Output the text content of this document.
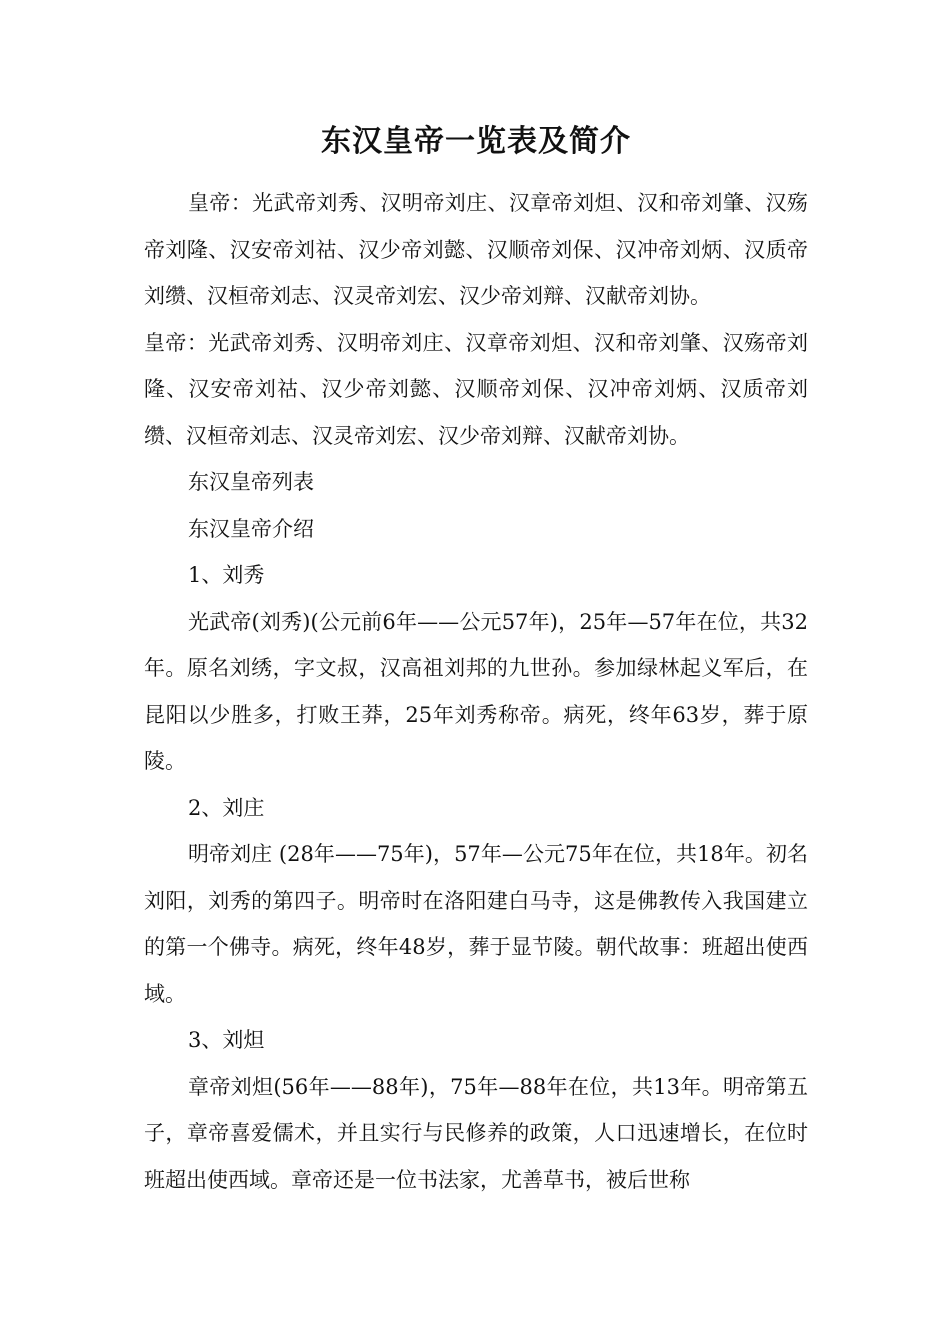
东汉皇帝一览表及简介

皇帝：光武帝刘秀、汉明帝刘庄、汉章帝刘炟、汉和帝刘肇、汉殇帝刘隆、汉安帝刘祜、汉少帝刘懿、汉顺帝刘保、汉冲帝刘炳、汉质帝刘缵、汉桓帝刘志、汉灵帝刘宏、汉少帝刘辩、汉献帝刘协。

皇帝：光武帝刘秀、汉明帝刘庄、汉章帝刘炟、汉和帝刘肇、汉殇帝刘隆、汉安帝刘祜、汉少帝刘懿、汉顺帝刘保、汉冲帝刘炳、汉质帝刘缵、汉桓帝刘志、汉灵帝刘宏、汉少帝刘辩、汉献帝刘协。

东汉皇帝列表

东汉皇帝介绍

1、刘秀

光武帝(刘秀)(公元前6年——公元57年)，25年—57年在位，共32年。原名刘绣，字文叔，汉高祖刘邦的九世孙。参加绿林起义军后，在昆阳以少胜多，打败王莽，25年刘秀称帝。病死，终年63岁，葬于原陵。

2、刘庄

明帝刘庄 (28年——75年)，57年—公元75年在位，共18年。初名刘阳，刘秀的第四子。明帝时在洛阳建白马寺，这是佛教传入我国建立的第一个佛寺。病死，终年48岁，葬于显节陵。朝代故事：班超出使西域。

3、刘炟

章帝刘炟(56年——88年)，75年—88年在位，共13年。明帝第五子，章帝喜爱儒术，并且实行与民修养的政策，人口迅速增长，在位时班超出使西域。章帝还是一位书法家，尤善草书，被后世称
